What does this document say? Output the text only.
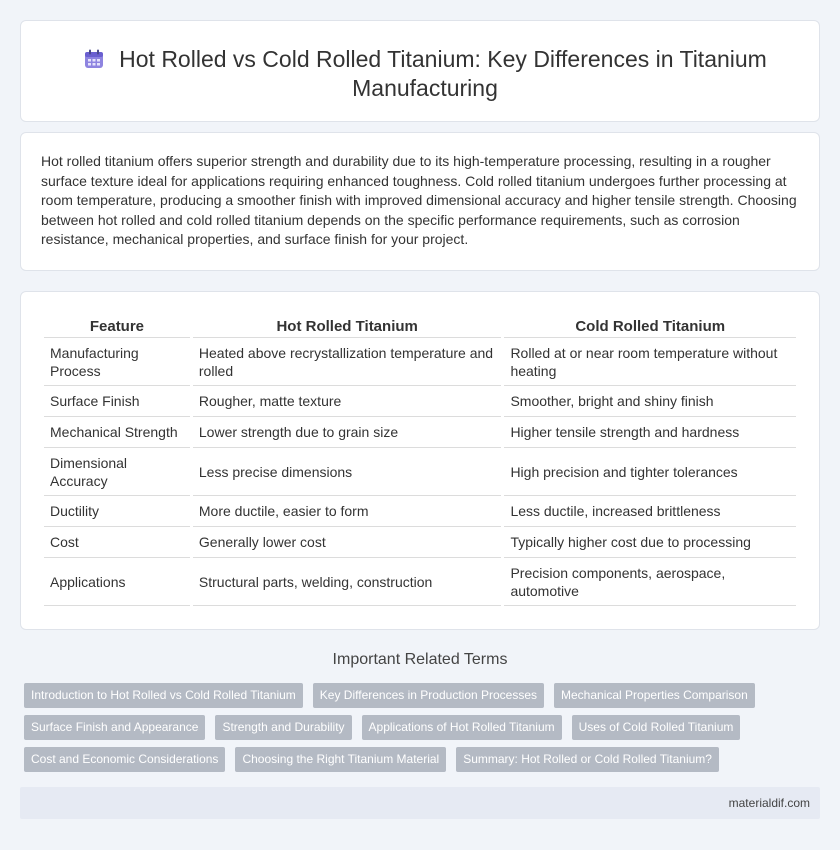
Hot Rolled vs Cold Rolled Titanium: Key Differences in Titanium Manufacturing

Hot rolled titanium offers superior strength and durability due to its high-temperature processing, resulting in a rougher surface texture ideal for applications requiring enhanced toughness. Cold rolled titanium undergoes further processing at room temperature, producing a smoother finish with improved dimensional accuracy and higher tensile strength. Choosing between hot rolled and cold rolled titanium depends on the specific performance requirements, such as corrosion resistance, mechanical properties, and surface finish for your project.

Feature	Hot Rolled Titanium	Cold Rolled Titanium
Manufacturing Process	Heated above recrystallization temperature and rolled	Rolled at or near room temperature without heating
Surface Finish	Rougher, matte texture	Smoother, bright and shiny finish
Mechanical Strength	Lower strength due to grain size	Higher tensile strength and hardness
Dimensional Accuracy	Less precise dimensions	High precision and tighter tolerances
Ductility	More ductile, easier to form	Less ductile, increased brittleness
Cost	Generally lower cost	Typically higher cost due to processing
Applications	Structural parts, welding, construction	Precision components, aerospace, automotive
Important Related Terms
Introduction to Hot Rolled vs Cold Rolled Titanium Key Differences in Production Processes Mechanical Properties Comparison
Surface Finish and Appearance Strength and Durability Applications of Hot Rolled Titanium Uses of Cold Rolled Titanium
Cost and Economic Considerations Choosing the Right Titanium Material Summary: Hot Rolled or Cold Rolled Titanium?
materialdif.com
